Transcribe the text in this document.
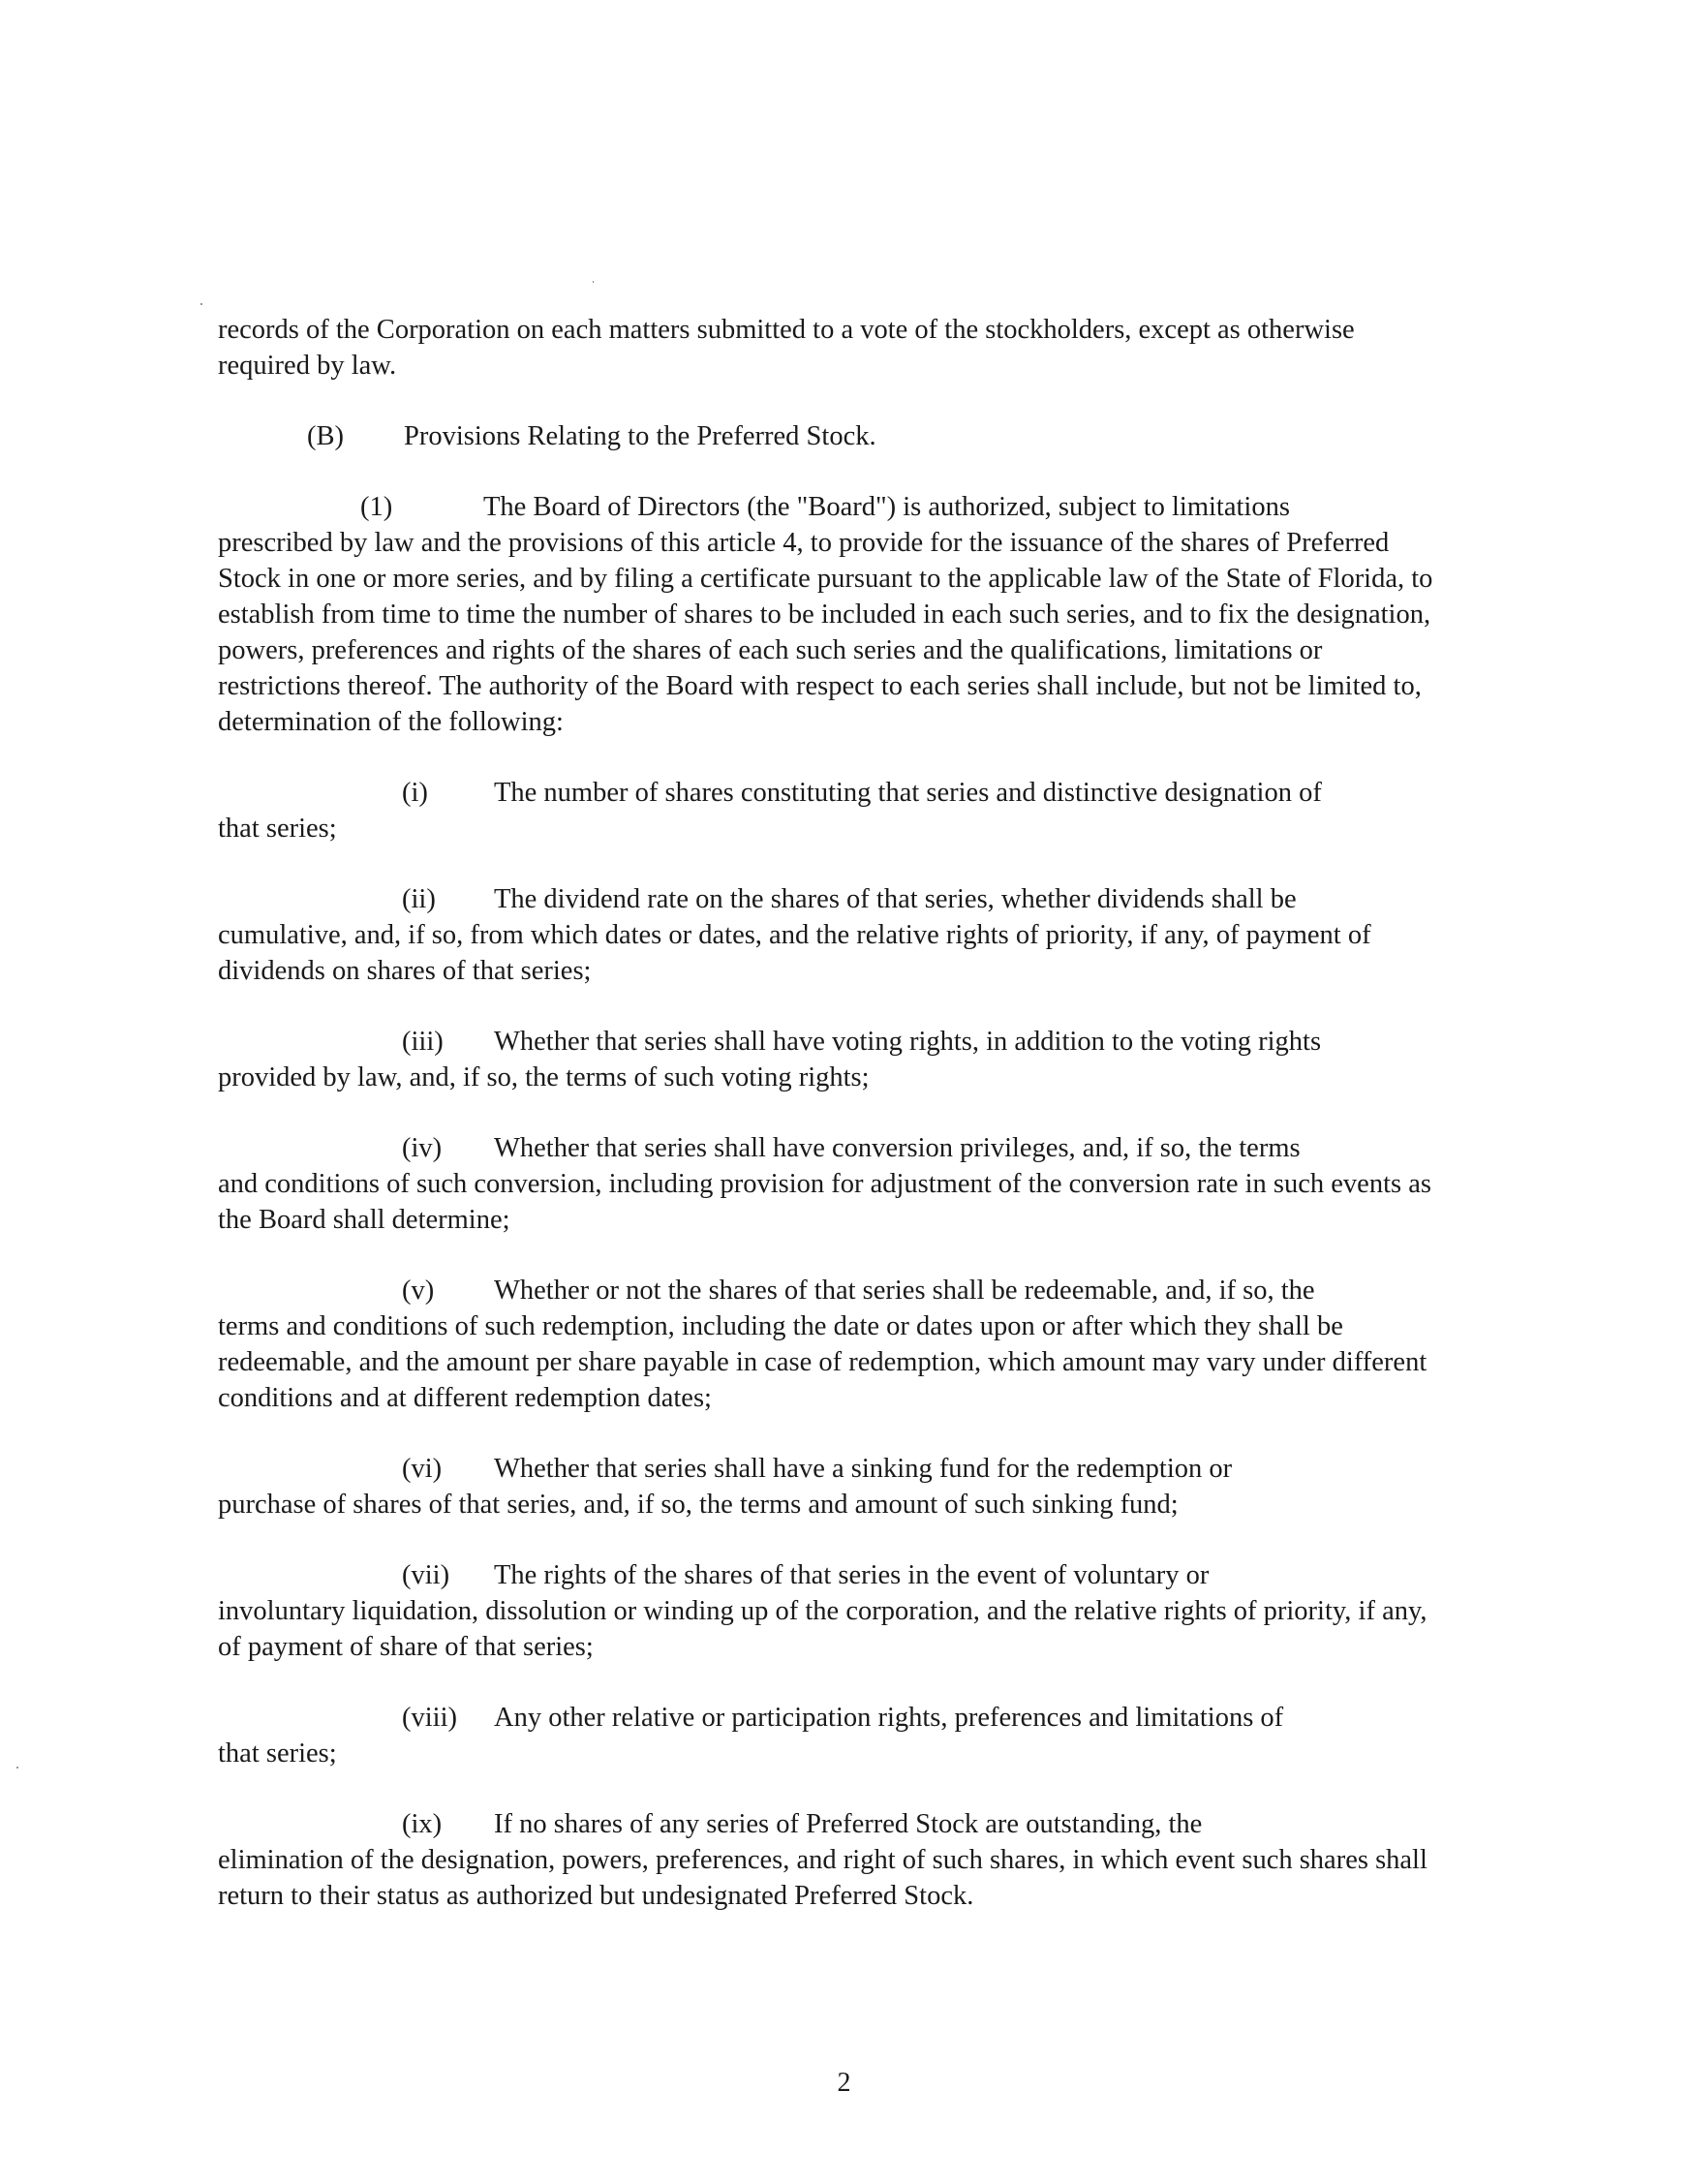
records of the Corporation on each matters submitted to a vote of the stockholders, except as otherwise required by law.

(B) Provisions Relating to the Preferred Stock.

(1)	The Board of Directors (the "Board") is authorized, subject to limitations
prescribed by law and the provisions of this article 4, to provide for the issuance of the shares of Preferred Stock in one or more series, and by filing a certificate pursuant to the applicable law of the State of Florida, to establish from time to time the number of shares to be included in each such series, and to fix the designation, powers, preferences and rights of the shares of each such series and the qualifications, limitations or restrictions thereof. The authority of the Board with respect to each series shall include, but not be limited to, determination of the following:

(i) The number of shares constituting that series and distinctive designation of
that series;

(ii) The dividend rate on the shares of that series, whether dividends shall be
cumulative, and, if so, from which dates or dates, and the relative rights of priority, if any, of payment of dividends on shares of that series;

(iii) Whether that series shall have voting rights, in addition to the voting rights
provided by law, and, if so, the terms of such voting rights;

(iv) Whether that series shall have conversion privileges, and, if so, the terms
and conditions of such conversion, including provision for adjustment of the conversion rate in such events as the Board shall determine;

(v) Whether or not the shares of that series shall be redeemable, and, if so, the
terms and conditions of such redemption, including the date or dates upon or after which they shall be redeemable, and the amount per share payable in case of redemption, which amount may vary under different conditions and at different redemption dates;

(vi) Whether that series shall have a sinking fund for the redemption or
purchase of shares of that series, and, if so, the terms and amount of such sinking fund;

(vii) The rights of the shares of that series in the event of voluntary or
involuntary liquidation, dissolution or winding up of the corporation, and the relative rights of priority, if any, of payment of share of that series;

(viii) Any other relative or participation rights, preferences and limitations of
that series;

(ix) If no shares of any series of Preferred Stock are outstanding, the
elimination of the designation, powers, preferences, and right of such shares, in which event such shares shall return to their status as authorized but undesignated Preferred Stock.

2
